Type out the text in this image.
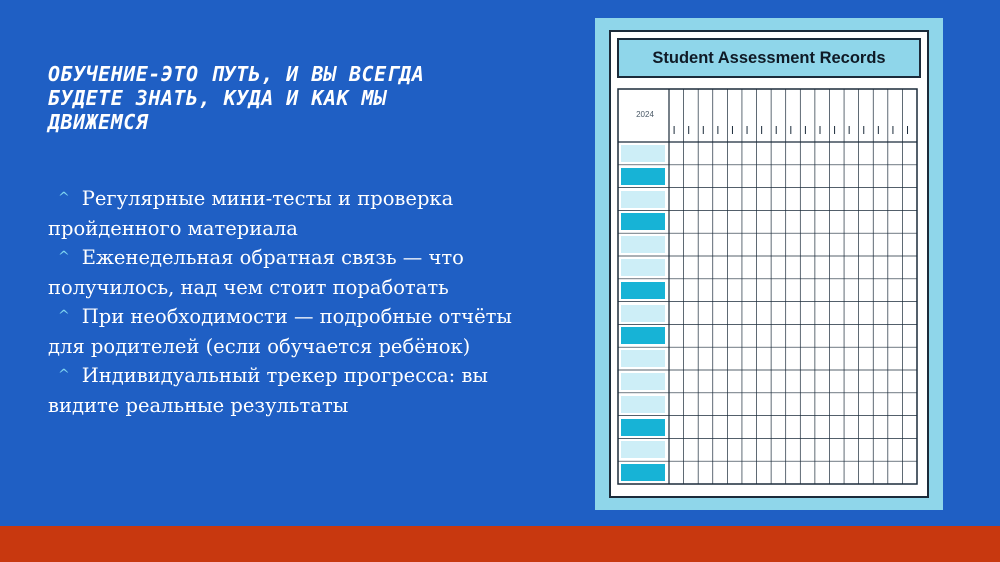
ОБУЧЕНИЕ-ЭТО ПУТЬ, И ВЫ ВСЕГДА БУДЕТЕ ЗНАТЬ, КУДА И КАК МЫ ДВИЖЕМСЯ

^ Регулярные мини-тесты и проверка
пройденного материала

^ Еженедельная обратная связь — что
получилось, над чем стоит поработать

^ При необходимости — подробные отчёты
для родителей (если обучается ребёнок)

^ Индивидуальный трекер прогресса: вы
видите реальные результаты

Student Assessment Records
2024
